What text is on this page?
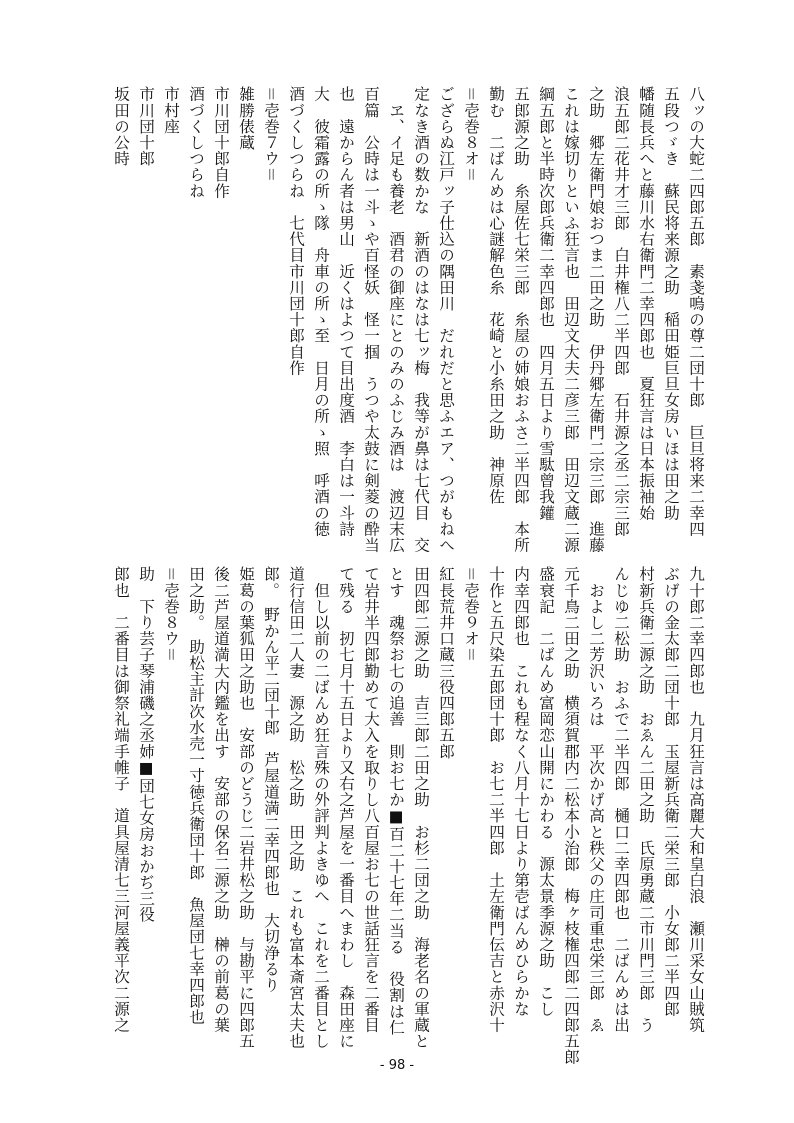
坂田の公時 市川団十郎 市村座 酒づくしつらね 市川団十郎自作 雑勝俵蔵 ＝壱巻７ウ＝ 酒づくしつらね　七代目市川団十郎自作 大　彼霜露の所ゝ隊　舟車の所ゝ至　日月の所ゝ照　呼酒の徳 也　遠からん者は男山　近くはよつて目出度酒　李白は一斗詩 百篇　公時は一斗ゝや百怪妖　怪一掴　うつや太鼓に剣菱の酔当 　ヱ、イ足も養老　酒君の御座にとのみのふじみ酒は　渡辺末広 定なき酒の数かな　新酒のはなは七ッ梅　我等が鼻は七代目　交 ござらぬ江戸ッ子仕込の隅田川　だれだと思ふエア、つがもねへ ＝壱巻８オ＝ 勤む　二ばんめは心謎解色糸　花崎と小糸田之助　神原佐 五郎源之助　糸屋佐七栄三郎　糸屋の姉娘おふさ二半四郎　本所 綱五郎と半時次郎兵衛二幸四郎也　四月五日より雪駄曾我鑵 これは嫁切りといふ狂言也　田辺文大夫二彦三郎　田辺文蔵二源 之助　郷左衛門娘おつま二田之助　伊丹郷左衛門二宗三郎　進藤 浪五郎二花井才三郎　白井権八二半四郎　石井源之丞二宗三郎 幡随長兵へと藤川水右衛門二幸四郎也　夏狂言は日本振袖始 五段つゞき　蘇民将来源之助　稲田姫巨旦女房いほは田之助 八ッの大蛇二四郎五郎　素戔嗚の尊二団十郎　巨旦将来二幸四
郎也　二番目は御祭礼端手帷子　道具屋清七三河屋義平次二源之 助　下り芸子琴浦磯之丞姉■団七女房おかぢ三役 ＝壱巻８ウ＝ 田之助。　助松主計次水売一寸徳兵衛団十郎　魚屋団七幸四郎也 後二芦屋道満大内鑑を出す　安部の保名二源之助　榊の前葛の葉 姫葛の葉狐田之助也　安部のどうじ二岩井松之助　与勘平に四郎五 郎。　野かん平二団十郎　芦屋道満二幸四郎也　大切浄るり 道行信田二人妻　源之助　松之助　田之助　これも富本斎宮太夫也 　但し以前の二ばんめ狂言殊の外評判よきゆへ　これを二番目とし て残る　扨七月十五日より又右之芦屋を一番目へまわし　森田座に て岩井半四郎勤めて大入を取りし八百屋お七の世話狂言を二番目 とす　魂祭お七の追善　則お七か■百二十七年二当る　役割は仁 田四郎二源之助　吉三郎二田之助　お杉二団之助　海老名の軍蔵と 紅長荒井口蔵三役四郎五郎 ＝壱巻９オ＝ 十作と五尺染五郎団十郎　お七二半四郎　土左衛門伝吉と赤沢十 内幸四郎也　これも程なく八月十七日より第壱ばんめひらかな 盛衰記　二ばんめ富岡恋山開にかわる　源太景季源之助　こし 元千鳥二田之助　横須賀郡内二松本小治郎　梅ヶ枝権四郎二四郎五郎 　およし二芳沢いろは　平次かげ高と秩父の庄司重忠栄三郎　ゑ んじゆ二松助　おふで二半四郎　樋口二幸四郎也　二ばんめは出 村新兵衛二源之助　おゑん二田之助　氏原勇蔵二市川門三郎　う ぶげの金太郎二団十郎　玉屋新兵衛二栄三郎　小女郎二半四郎 九十郎二幸四郎也　九月狂言は高麗大和皇白浪　瀬川采女山賊筑
- 98 -
